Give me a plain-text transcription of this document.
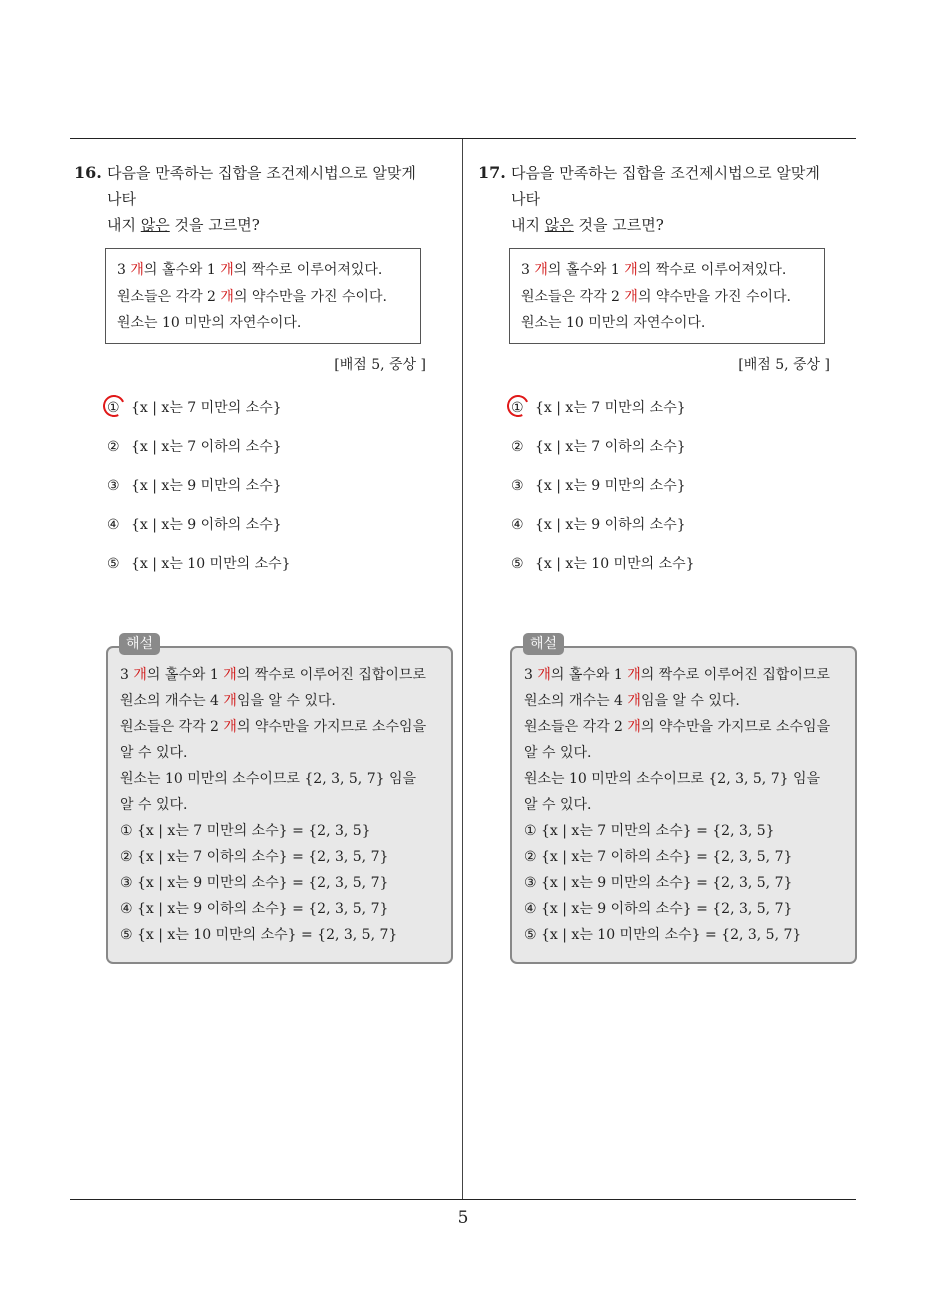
5
16. 다음을 만족하는 집합을 조건제시법으로 알맞게 나타
내지 않은 것을 고르면?
3 개의 홀수와 1 개의 짝수로 이루어져있다.
원소들은 각각 2 개의 약수만을 가진 수이다.
원소는 10 미만의 자연수이다.
[배점 5, 중상 ]
① {x | x는 7 미만의 소수}
② {x | x는 7 이하의 소수}
③ {x | x는 9 미만의 소수}
④ {x | x는 9 이하의 소수}
⑤ {x | x는 10 미만의 소수}
해설
3 개의 홀수와 1 개의 짝수로 이루어진 집합이므로
원소의 개수는 4 개임을 알 수 있다.
원소들은 각각 2 개의 약수만을 가지므로 소수임을
알 수 있다.
원소는 10 미만의 소수이므로 {2, 3, 5, 7} 임을
알 수 있다.
① {x | x는 7 미만의 소수} = {2, 3, 5}
② {x | x는 7 이하의 소수} = {2, 3, 5, 7}
③ {x | x는 9 미만의 소수} = {2, 3, 5, 7}
④ {x | x는 9 이하의 소수} = {2, 3, 5, 7}
⑤ {x | x는 10 미만의 소수} = {2, 3, 5, 7}
17. 다음을 만족하는 집합을 조건제시법으로 알맞게 나타
내지 않은 것을 고르면?
3 개의 홀수와 1 개의 짝수로 이루어져있다.
원소들은 각각 2 개의 약수만을 가진 수이다.
원소는 10 미만의 자연수이다.
[배점 5, 중상 ]
① {x | x는 7 미만의 소수}
② {x | x는 7 이하의 소수}
③ {x | x는 9 미만의 소수}
④ {x | x는 9 이하의 소수}
⑤ {x | x는 10 미만의 소수}
해설
3 개의 홀수와 1 개의 짝수로 이루어진 집합이므로
원소의 개수는 4 개임을 알 수 있다.
원소들은 각각 2 개의 약수만을 가지므로 소수임을
알 수 있다.
원소는 10 미만의 소수이므로 {2, 3, 5, 7} 임을
알 수 있다.
① {x | x는 7 미만의 소수} = {2, 3, 5}
② {x | x는 7 이하의 소수} = {2, 3, 5, 7}
③ {x | x는 9 미만의 소수} = {2, 3, 5, 7}
④ {x | x는 9 이하의 소수} = {2, 3, 5, 7}
⑤ {x | x는 10 미만의 소수} = {2, 3, 5, 7}
